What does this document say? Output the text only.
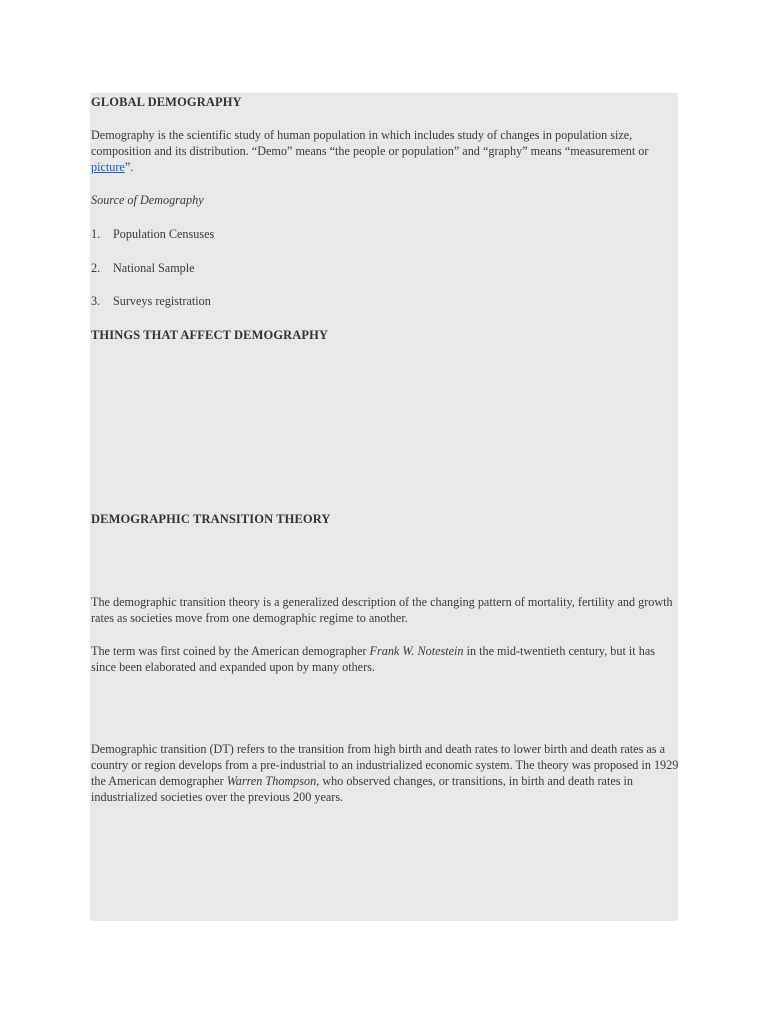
GLOBAL DEMOGRAPHY

Demography is the scientific study of human population in which includes study of changes in population size, composition and its distribution. “Demo” means “the people or population” and “graphy” means “measurement or picture”.

Source of Demography
1. Population Censuses
2. National Sample
3. Surveys registration
THINGS THAT AFFECT DEMOGRAPHY
DEMOGRAPHIC TRANSITION THEORY

The demographic transition theory is a generalized description of the changing pattern of mortality, fertility and growth rates as societies move from one demographic regime to another.

The term was first coined by the American demographer Frank W. Notestein in the mid-twentieth century, but it has since been elaborated and expanded upon by many others.

Demographic transition (DT) refers to the transition from high birth and death rates to lower birth and death rates as a country or region develops from a pre-industrial to an industrialized economic system. The theory was proposed in 1929 the American demographer Warren Thompson, who observed changes, or transitions, in birth and death rates in industrialized societies over the previous 200 years.
